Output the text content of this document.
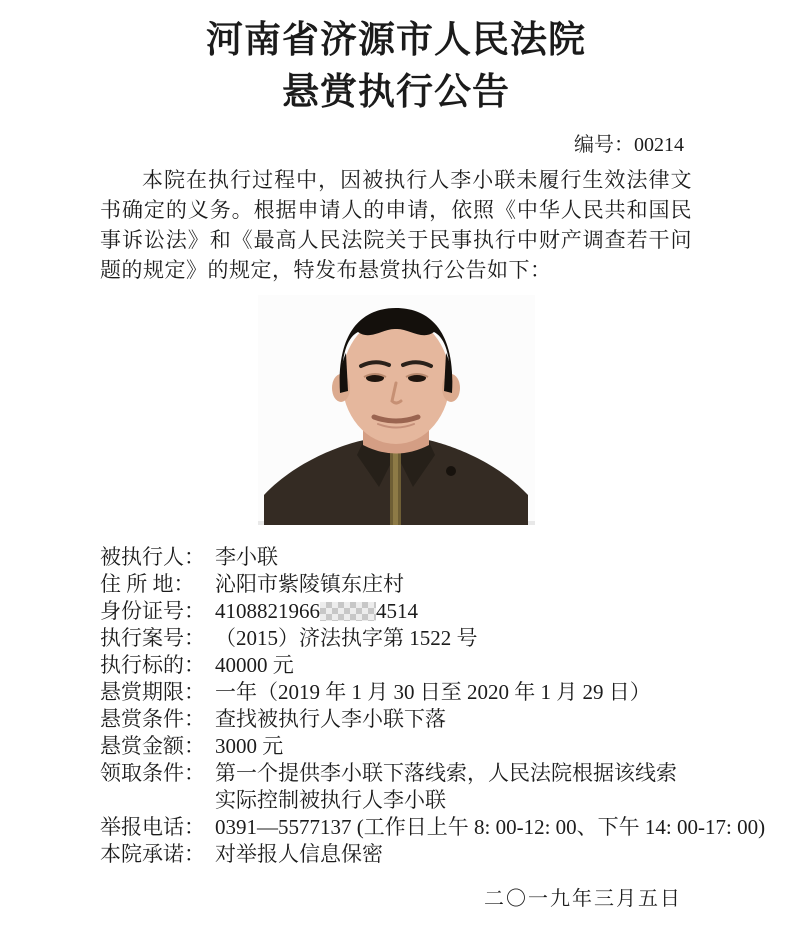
河南省济源市人民法院
悬赏执行公告
编号：00214

本院在执行过程中，因被执行人李小联未履行生效法律文书确定的义务。根据申请人的申请，依照《中华人民共和国民事诉讼法》和《最高人民法院关于民事执行中财产调查若干问题的规定》的规定，特发布悬赏执行公告如下：

被执行人： 李小联
住 所 地： 沁阳市紫陵镇东庄村
身份证号： 4108821966	4514
执行案号： （2015）济法执字第 1522 号
执行标的： 40000 元
悬赏期限： 一年（2019 年 1 月 30 日至 2020 年 1 月 29 日）
悬赏条件： 查找被执行人李小联下落
悬赏金额： 3000 元
领取条件： 第一个提供李小联下落线索，人民法院根据该线索实际控制被执行人李小联
举报电话： 0391—5577137 (工作日上午 8: 00-12: 00、下午 14: 00-17: 00)
本院承诺： 对举报人信息保密
二〇一九年三月五日
